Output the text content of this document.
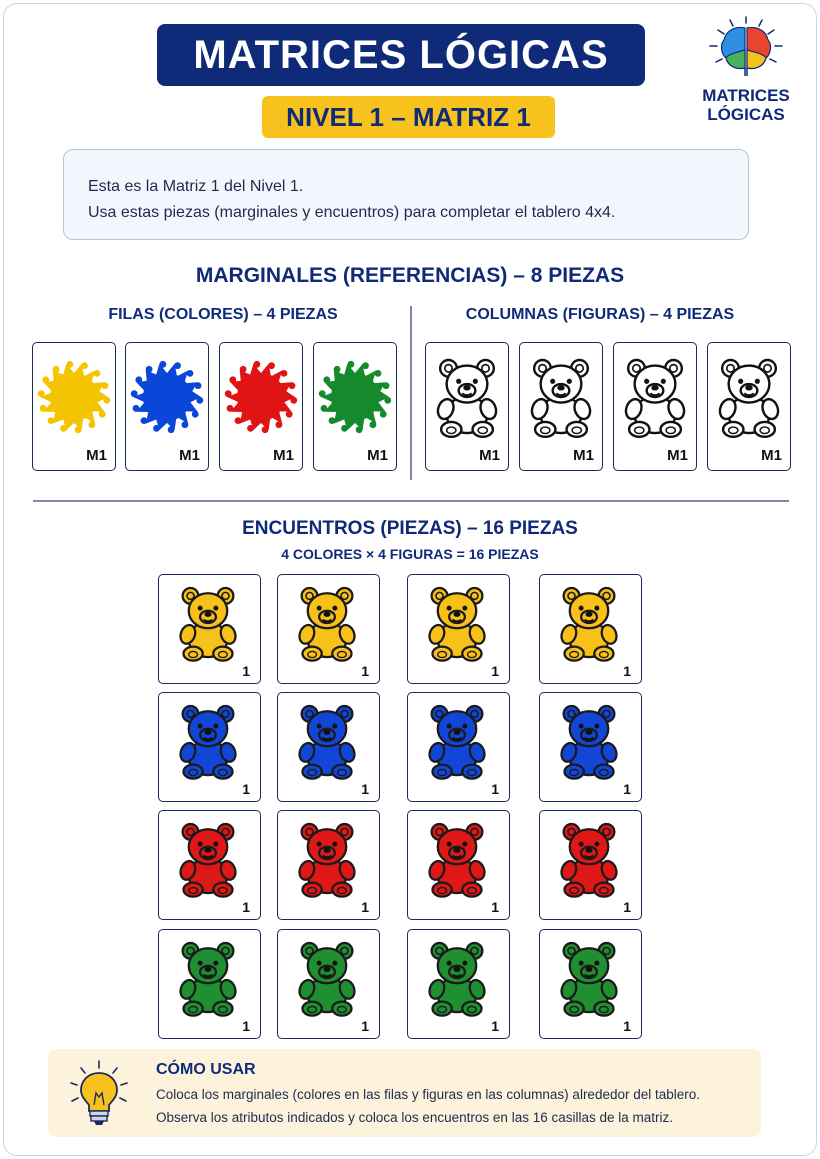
MATRICES LÓGICAS
NIVEL 1 – MATRIZ 1
MATRICES
LÓGICAS
Esta es la Matriz 1 del Nivel 1.
Usa estas piezas (marginales y encuentros) para completar el tablero 4x4.
MARGINALES (REFERENCIAS) – 8 PIEZAS
FILAS (COLORES) – 4 PIEZAS	COLUMNAS (FIGURAS) – 4 PIEZAS
M1	M1	M1	M1	M1	M1	M1	M1
ENCUENTROS (PIEZAS) – 16 PIEZAS
4 COLORES × 4 FIGURAS = 16 PIEZAS
1	1	1	1
1	1	1	1
1	1	1	1
1	1	1	1
CÓMO USAR
Coloca los marginales (colores en las filas y figuras en las columnas) alrededor del tablero.
Observa los atributos indicados y coloca los encuentros en las 16 casillas de la matriz.
